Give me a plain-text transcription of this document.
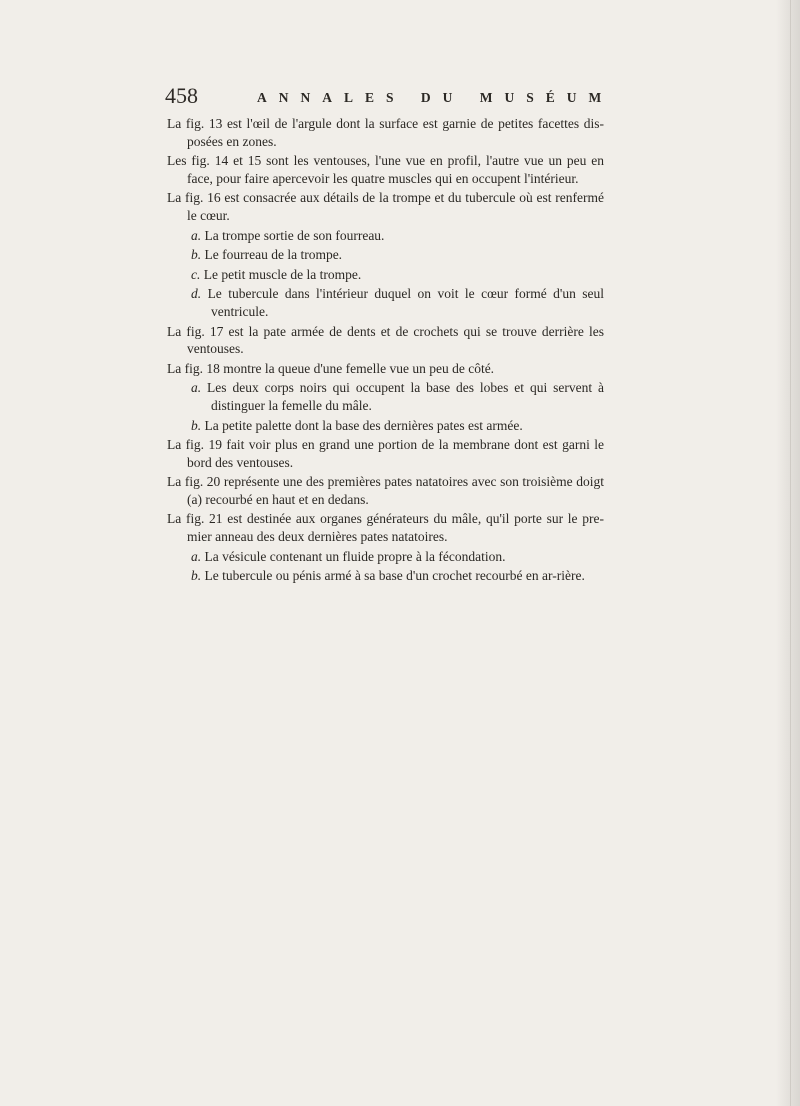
458	ANNALES DU MUSÉUM

La fig. 13 est l'œil de l'argule dont la surface est garnie de petites facettes dis-posées en zones.

Les fig. 14 et 15 sont les ventouses, l'une vue en profil, l'autre vue un peu en face, pour faire apercevoir les quatre muscles qui en occupent l'intérieur.

La fig. 16 est consacrée aux détails de la trompe et du tubercule où est renfermé le cœur.

a. La trompe sortie de son fourreau.

b. Le fourreau de la trompe.

c. Le petit muscle de la trompe.

d. Le tubercule dans l'intérieur duquel on voit le cœur formé d'un seul ventricule.

La fig. 17 est la pate armée de dents et de crochets qui se trouve derrière les ventouses.

La fig. 18 montre la queue d'une femelle vue un peu de côté.

a. Les deux corps noirs qui occupent la base des lobes et qui servent à distinguer la femelle du mâle.

b. La petite palette dont la base des dernières pates est armée.

La fig. 19 fait voir plus en grand une portion de la membrane dont est garni le bord des ventouses.

La fig. 20 représente une des premières pates natatoires avec son troisième doigt (a) recourbé en haut et en dedans.

La fig. 21 est destinée aux organes générateurs du mâle, qu'il porte sur le pre-mier anneau des deux dernières pates natatoires.

a. La vésicule contenant un fluide propre à la fécondation.

b. Le tubercule ou pénis armé à sa base d'un crochet recourbé en ar-rière.
